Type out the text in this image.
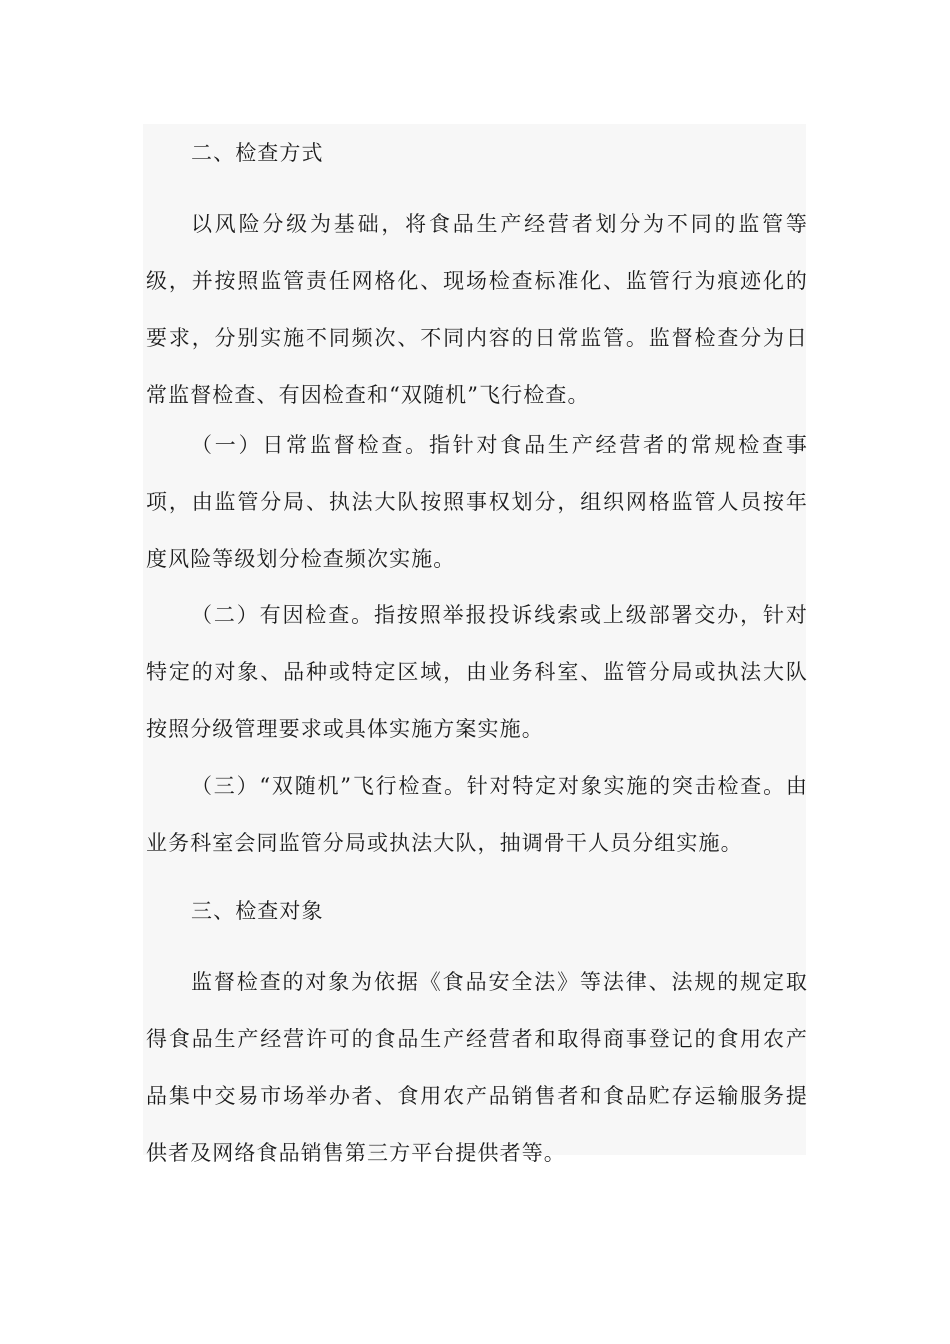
二、检查方式
以风险分级为基础，将食品生产经营者划分为不同的监管等级，并按照监管责任网格化、现场检查标准化、监管行为痕迹化的要求，分别实施不同频次、不同内容的日常监管。监督检查分为日常监督检查、有因检查和“双随机”飞行检查。
（一）日常监督检查。指针对食品生产经营者的常规检查事项，由监管分局、执法大队按照事权划分，组织网格监管人员按年度风险等级划分检查频次实施。
（二）有因检查。指按照举报投诉线索或上级部署交办，针对特定的对象、品种或特定区域，由业务科室、监管分局或执法大队按照分级管理要求或具体实施方案实施。
（三）“双随机”飞行检查。针对特定对象实施的突击检查。由业务科室会同监管分局或执法大队，抽调骨干人员分组实施。
三、检查对象
监督检查的对象为依据《食品安全法》等法律、法规的规定取得食品生产经营许可的食品生产经营者和取得商事登记的食用农产品集中交易市场举办者、食用农产品销售者和食品贮存运输服务提供者及网络食品销售第三方平台提供者等。
